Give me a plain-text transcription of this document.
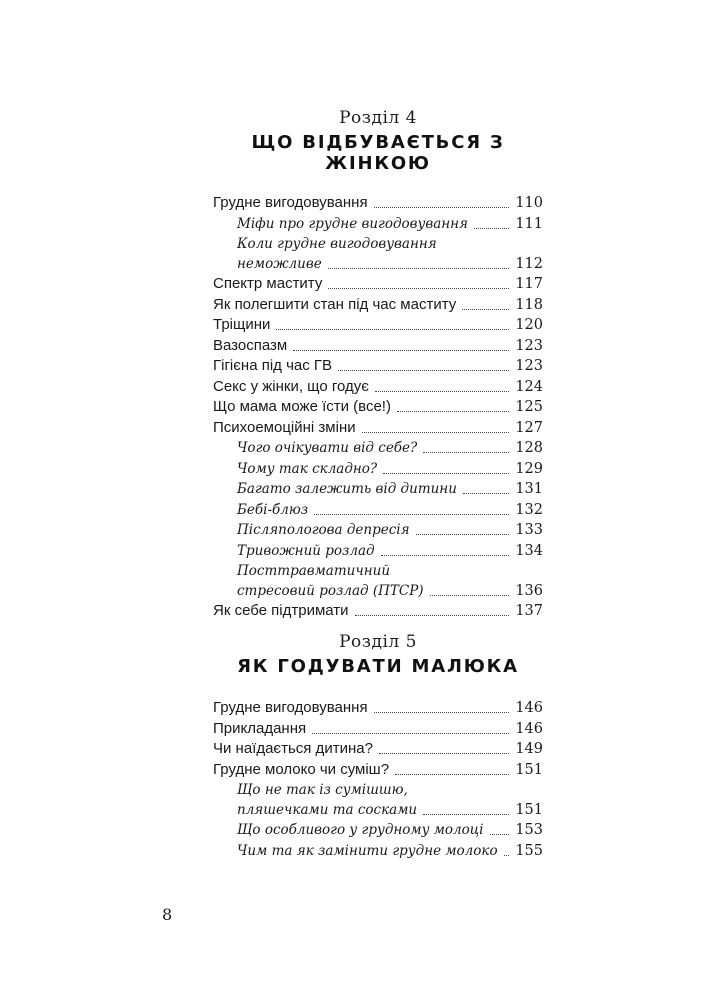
Розділ 4
ЩО ВІДБУВАЄТЬСЯ З ЖІНКОЮ
Грудне вигодовування	110
Міфи про грудне вигодовування	111
Коли грудне вигодовування
неможливе	112
Спектр маститу	117
Як полегшити стан під час маститу	118
Тріщини	120
Вазоспазм	123
Гігієна під час ГВ	123
Секс у жінки, що годує	124
Що мама може їсти (все!)	125
Психоемоційні зміни	127
Чого очікувати від себе?	128
Чому так складно?	129
Багато залежить від дитини	131
Бебі-блюз	132
Післяпологова депресія	133
Тривожний розлад	134
Посттравматичний
стресовий розлад (ПТСР)	136
Як себе підтримати	137
Розділ 5
ЯК ГОДУВАТИ МАЛЮКА
Грудне вигодовування	146
Прикладання	146
Чи наїдається дитина?	149
Грудне молоко чи суміш?	151
Що не так із сумішшю,
пляшечками та сосками	151
Що особливого у грудному молоці 153
Чим та як замінити грудне молоко 155
8
